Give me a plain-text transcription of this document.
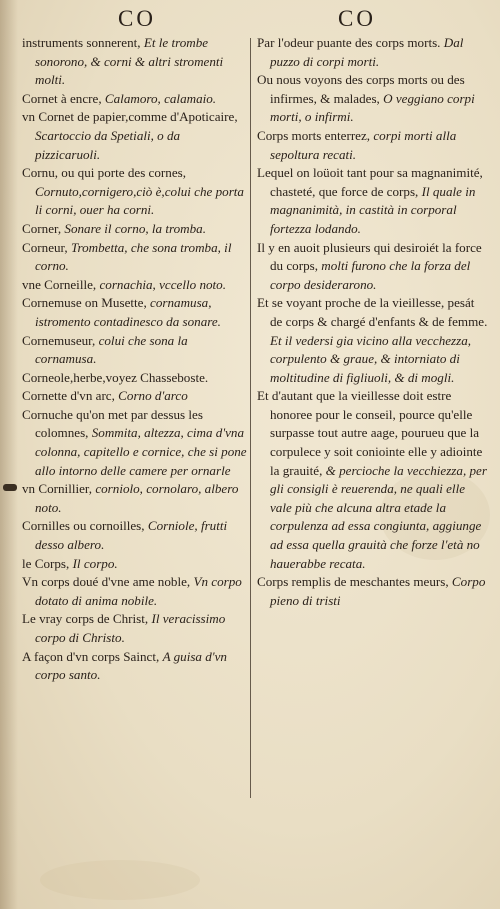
CO	CO

instruments sonnerent, Et le trombe sonorono, & corni & altri stromenti molti.

Cornet à encre, Calamoro, calamaio.

vn Cornet de papier,comme d'Apoticaire, Scartoccio da Spetiali, o da pizzicaruoli.

Cornu, ou qui porte des cornes, Cornuto,cornigero,ciò è,colui che porta li corni, ouer ha corni.

Corner, Sonare il corno, la tromba.

Corneur, Trombetta, che sona tromba, il corno.

vne Corneille, cornachia, vccello noto.

Cornemuse on Musette, cornamusa, istromento contadinesco da sonare.

Cornemuseur, colui che sona la cornamusa.

Corneole,herbe,voyez Chasseboste.

Cornette d'vn arc, Corno d'arco

Cornuche qu'on met par dessus les colomnes, Sommita, altezza, cima d'vna colonna, capitello e cornice, che si pone allo intorno delle camere per ornarle

vn Cornillier, corniolo, cornolaro, albero noto.

Cornilles ou cornoilles, Corniole, frutti desso albero.

le Corps, Il corpo.

Vn corps doué d'vne ame noble, Vn corpo dotato di anima nobile.

Le vray corps de Christ, Il veracissimo corpo di Christo.

A façon d'vn corps Sainct, A guisa d'vn corpo santo.

Par l'odeur puante des corps morts. Dal puzzo di corpi morti.

Ou nous voyons des corps morts ou des infirmes, & malades, O veggiano corpi morti, o infirmi.

Corps morts enterrez, corpi morti alla sepoltura recati.

Lequel on loüoit tant pour sa magnanimité, chasteté, que force de corps, Il quale in magnanimità, in castità in corporal fortezza lodando.

Il y en auoit plusieurs qui desiroiét la force du corps, molti furono che la forza del corpo desiderarono.

Et se voyant proche de la vieillesse, pesát de corps & chargé d'enfants & de femme. Et il vedersi gia vicino alla vecchezza, corpulento & graue, & intorniato di moltitudine di figliuoli, & di mogli.

Et d'autant que la vieillesse doit estre honoree pour le conseil, pource qu'elle surpasse tout autre aage, pourueu que la corpulece y soit coniointe elle y adiointe la grauité, & percioche la vecchiezza, per gli consigli è reuerenda, ne quali elle vale più che alcuna altra etade la corpulenza ad essa congiunta, aggiunge ad essa quella grauità che forze l'età no hauerabbe recata.

Corps remplis de meschantes meurs, Corpo pieno di tristi
